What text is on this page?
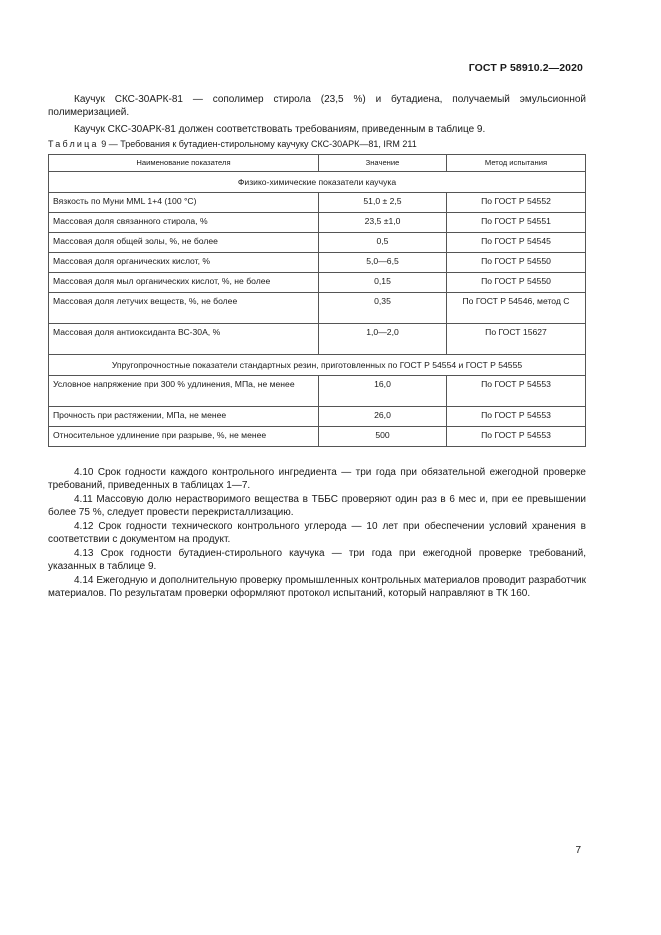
ГОСТ Р 58910.2—2020

Каучук СКС-30АРК-81 — сополимер стирола (23,5 %) и бутадиена, получаемый эмульсионной полимеризацией.

Каучук СКС-30АРК-81 должен соответствовать требованиям, приведенным в таблице 9.

Таблица 9 — Требования к бутадиен-стирольному каучуку СКС-30АРК—81, IRM 211
Наименование показателя	Значение	Метод испытания
Физико-химические показатели каучука		
Вязкость по Муни MML 1+4 (100 °C)	51,0 ± 2,5	По ГОСТ Р 54552
Массовая доля связанного стирола, %	23,5 ±1,0	По ГОСТ Р 54551
Массовая доля общей золы, %, не более	0,5	По ГОСТ Р 54545
Массовая доля органических кислот, %	5,0—6,5	По ГОСТ Р 54550
Массовая доля мыл органических кислот, %, не более	0,15	По ГОСТ Р 54550
Массовая доля летучих веществ, %, не более	0,35	По ГОСТ Р 54546, метод С
Массовая доля антиоксиданта ВС-30А, %	1,0—2,0	По ГОСТ 15627
Упругопрочностные показатели стандартных резин, приготовленных по ГОСТ Р 54554 и ГОСТ Р 54555		
Условное напряжение при 300 % удлинения, МПа, не менее	16,0	По ГОСТ Р 54553
Прочность при растяжении, МПа, не менее	26,0	По ГОСТ Р 54553
Относительное удлинение при разрыве, %, не менее	500	По ГОСТ Р 54553

4.10 Срок годности каждого контрольного ингредиента — три года при обязательной ежегодной проверке требований, приведенных в таблицах 1—7.

4.11 Массовую долю нерастворимого вещества в ТББС проверяют один раз в 6 мес и, при ее превышении более 75 %, следует провести перекристаллизацию.

4.12 Срок годности технического контрольного углерода — 10 лет при обеспечении условий хранения в соответствии с документом на продукт.

4.13 Срок годности бутадиен-стирольного каучука — три года при ежегодной проверке требований, указанных в таблице 9.

4.14 Ежегодную и дополнительную проверку промышленных контрольных материалов проводит разработчик материалов. По результатам проверки оформляют протокол испытаний, который направляют в ТК 160.

7
